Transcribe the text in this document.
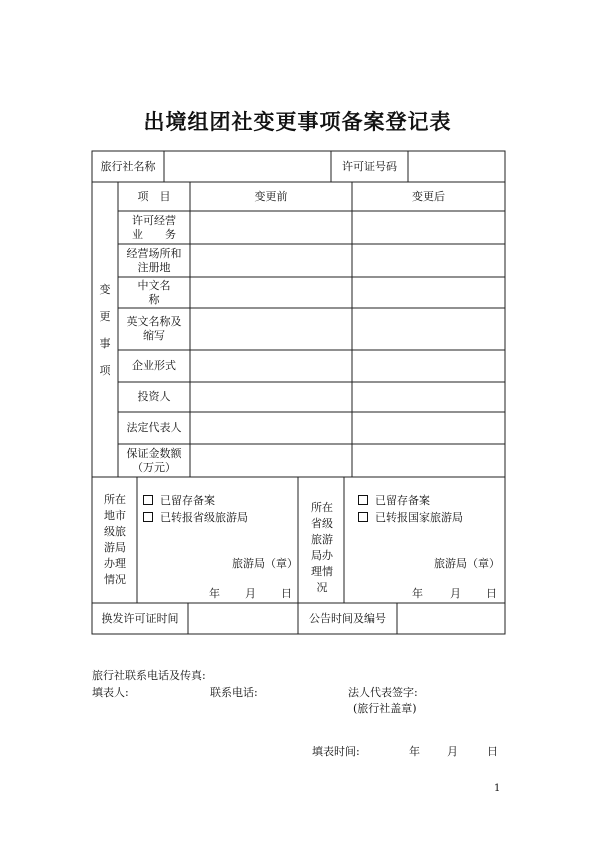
出境组团社变更事项备案登记表
旅行社名称	许可证号码
变
更
事
项
项　目	变更前	变更后
许可经营业　　务
经营场所和注册地
中文名称
英文名称及缩写
企业形式
投资人
法定代表人
保证金数额（万元）
所在
地市
级旅
游局
办理
情况
已留存备案
已转报省级旅游局
旅游局（章）
年 月 日
所在
省级
旅游
局办
理情
况
已留存备案
已转报国家旅游局
旅游局（章）
年 月 日
换发许可证时间	公告时间及编号
旅行社联系电话及传真:
填表人:	联系电话:	法人代表签字:
(旅行社盖章)
填表时间:	年 月	日
1
